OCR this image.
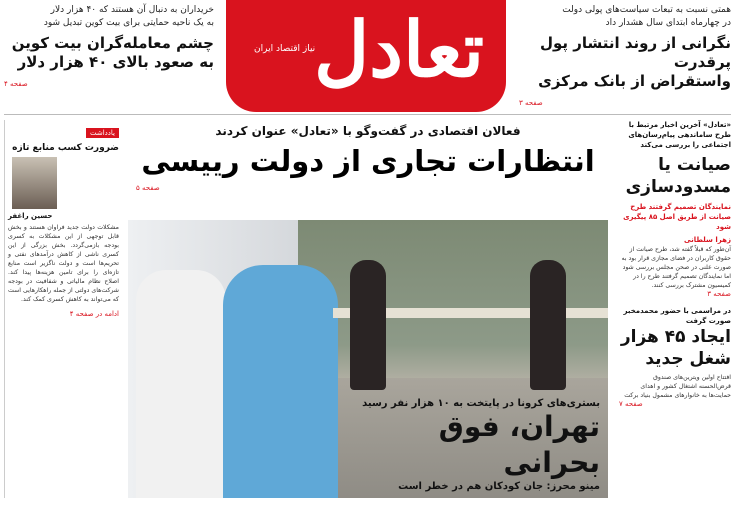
خریداران به دنبال آن هستند که ۴۰ هزار دلار
به یک ناحیه حمایتی برای بیت کوین تبدیل شود
چشم معامله‌گران بیت کوین
به صعود بالای ۴۰ هزار دلار
صفحه ۴	تعادل
نیاز اقتصاد ایران
همتی نسبت به تبعات سیاست‌های پولی دولت
در چهارماه ابتدای سال هشدار داد
نگرانی از روند انتشار پول پرقدرت
واستقراض از بانک مرکزی
صفحه ۳
یادداشت
ضرورت کسب منابع تازه
حسین راغفر
مشکلات دولت جدید فراوان هستند و بخش قابل توجهی از این مشکلات به کسری بودجه بازمی‌گردد. بخش بزرگی از این کسری ناشی از کاهش درآمدهای نفتی و تحریم‌ها است و دولت ناگزیر است منابع تازه‌ای را برای تامین هزینه‌ها پیدا کند. اصلاح نظام مالیاتی و شفافیت در بودجه شرکت‌های دولتی از جمله راهکارهایی است که می‌تواند به کاهش کسری کمک کند.
ادامه در صفحه ۴
فعالان اقتصادی در گفت‌وگو با «تعادل» عنوان کردند
انتظارات تجاری از دولت رییسی
صفحه ۵
بستری‌های کرونا در پایتخت به ۱۰ هزار نفر رسید
تهران، فوق بحرانی
مینو محرز: جان کودکان هم در خطر است

«تعادل» آخرین اخبار مرتبط با طرح ساماندهی پیام‌رسان‌های اجتماعی را بررسی می‌کند

صیانت یا مسدودسازی

نمایندگان تصمیم گرفتند طرح صیانت از طریق اصل ۸۵ پیگیری شود

زهرا سلطانی

آن‌طور که قبلاً گفته شد، طرح صیانت از حقوق کاربران در فضای مجازی قرار بود به صورت علنی در صحن مجلس بررسی شود اما نمایندگان تصمیم گرفتند طرح را در کمیسیون مشترک بررسی کنند.

صفحه ۳

در مراسمی با حضور محمدمخبر صورت گرفت

ایجاد ۴۵ هزار شغل جدید

افتتاح اولین ویترین‌های صندوق قرض‌الحسنه اشتغال کشور و اهدای حمایت‌ها به خانوارهای مشمول بنیاد برکت

صفحه ۷
